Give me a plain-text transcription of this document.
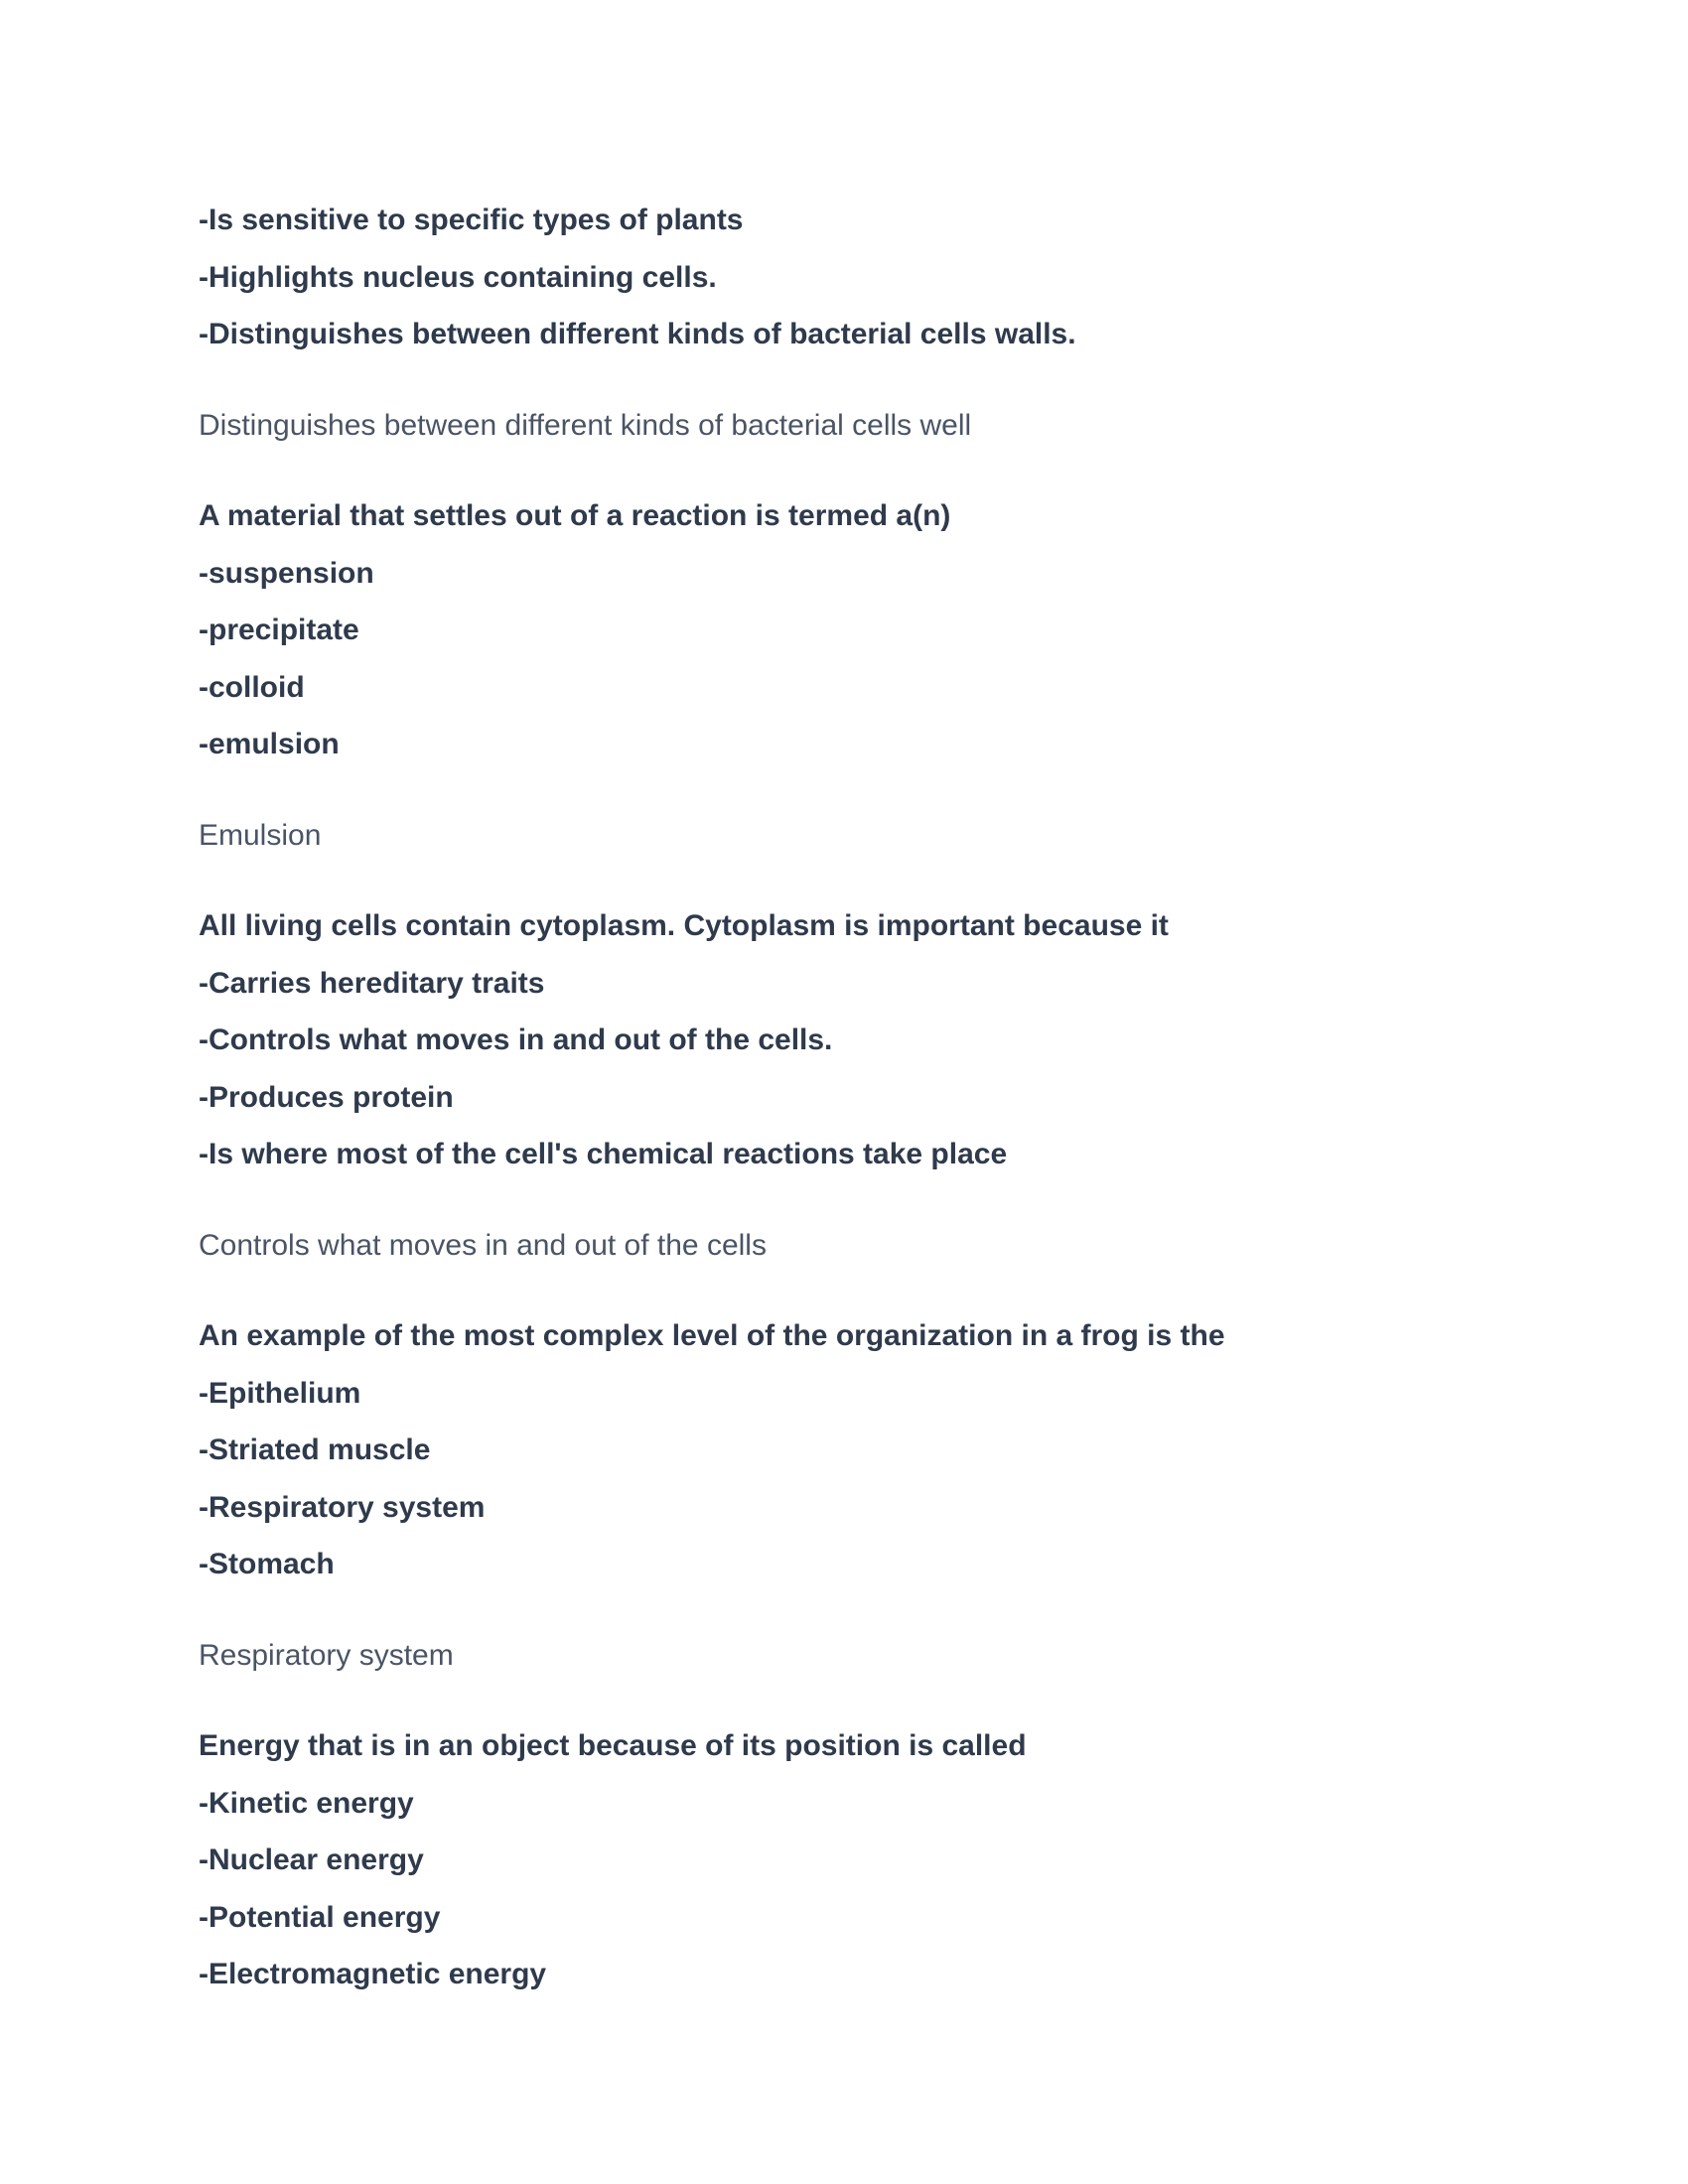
-Is sensitive to specific types of plants

-Highlights nucleus containing cells.

-Distinguishes between different kinds of bacterial cells walls.

Distinguishes between different kinds of bacterial cells well

A material that settles out of a reaction is termed a(n)

-suspension

-precipitate

-colloid

-emulsion

Emulsion

All living cells contain cytoplasm. Cytoplasm is important because it

-Carries hereditary traits

-Controls what moves in and out of the cells.

-Produces protein

-Is where most of the cell's chemical reactions take place

Controls what moves in and out of the cells

An example of the most complex level of the organization in a frog is the

-Epithelium

-Striated muscle

-Respiratory system

-Stomach

Respiratory system

Energy that is in an object because of its position is called

-Kinetic energy

-Nuclear energy

-Potential energy

-Electromagnetic energy
